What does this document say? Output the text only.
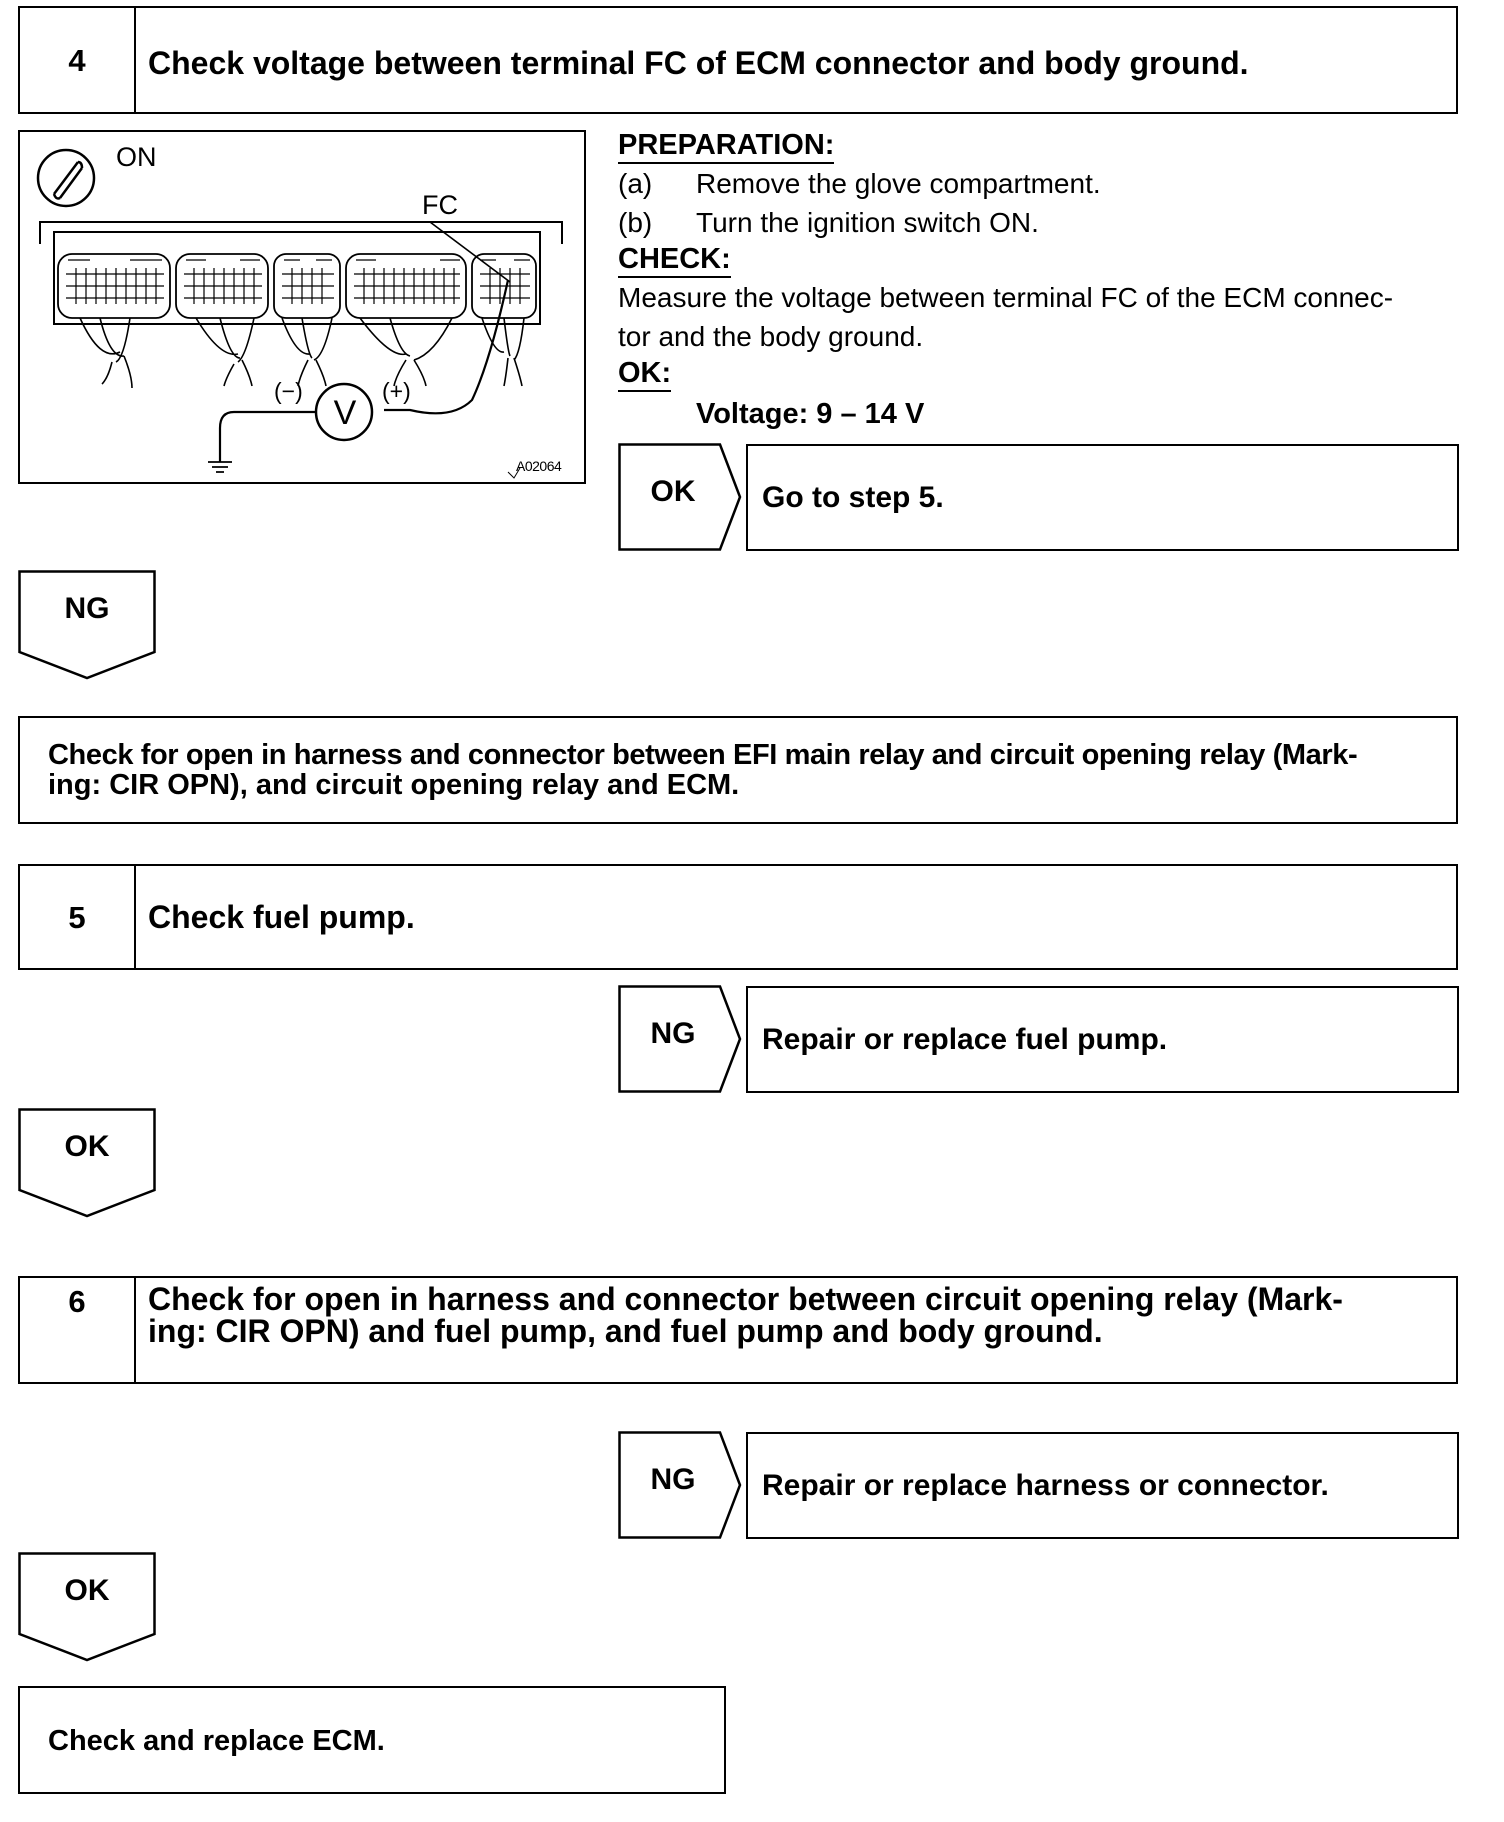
4	Check voltage between terminal FC of ECM connector and body ground.
ON
FC
(−)
V
(+)
A02064
PREPARATION:
(a) Remove the glove compartment.
(b) Turn the ignition switch ON.
CHECK:
Measure the voltage between terminal FC of the ECM connec-
tor and the body ground.
OK:
Voltage: 9 – 14 V
OK	Go to step 5.
NG
Check for open in harness and connector between EFI main relay and circuit opening relay (Mark-
ing: CIR OPN), and circuit opening relay and ECM.
5	Check fuel pump.
NG	Repair or replace fuel pump.
OK
6	Check for open in harness and connector between circuit opening relay (Mark-
ing: CIR OPN) and fuel pump, and fuel pump and body ground.
NG	Repair or replace harness or connector.
OK
Check and replace ECM.
